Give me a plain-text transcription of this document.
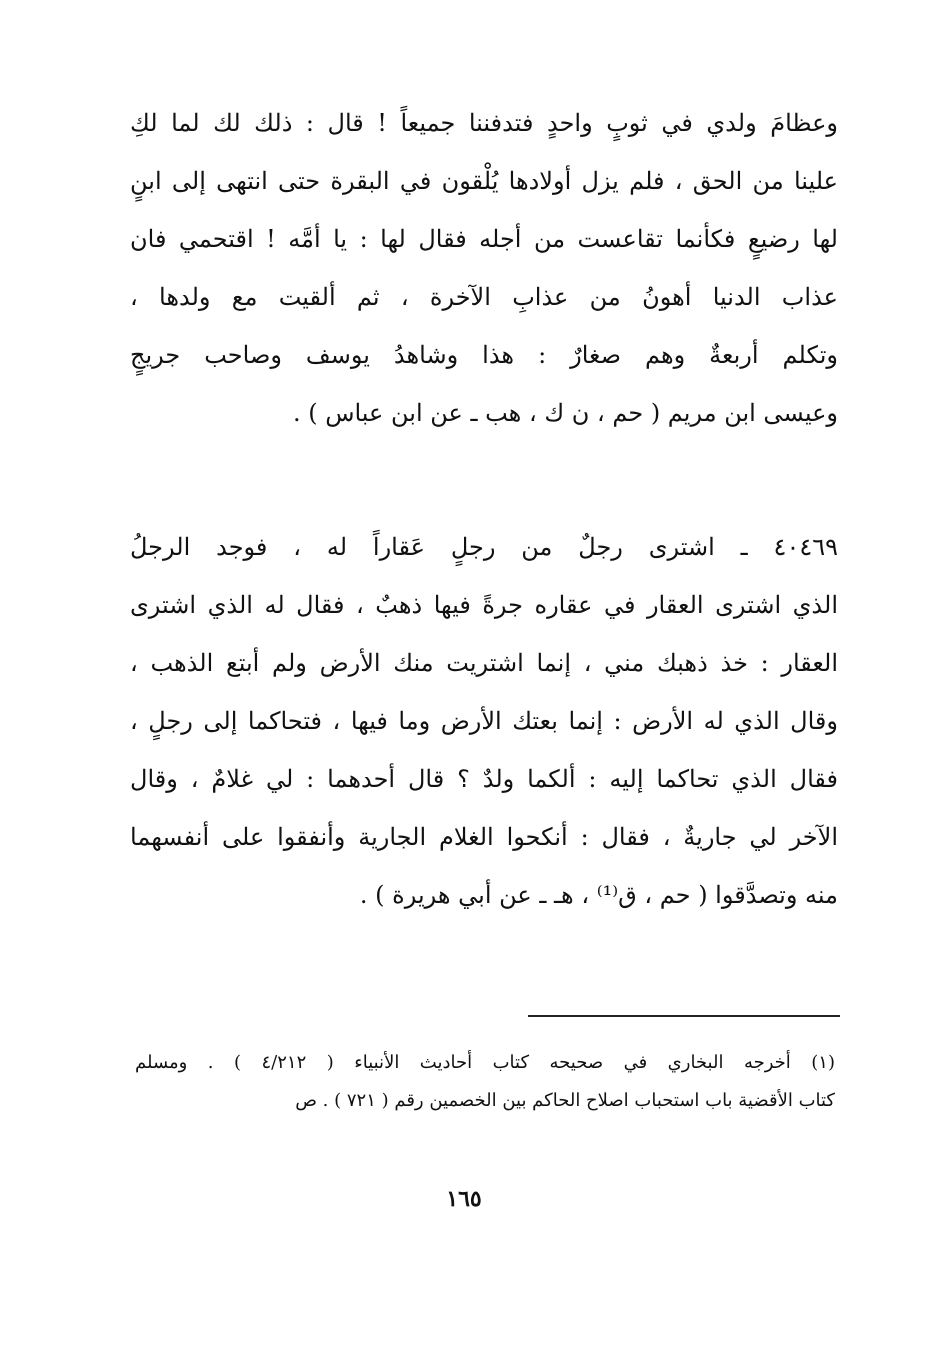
وعظامَ ولدي في ثوبٍ واحدٍ فتدفننا جميعاً ! قال : ذلك لك لما لكِ
علينا من الحق ، فلم يزل أولادها يُلْقون في البقرة حتى انتهى إلى ابنٍ
لها رضيعٍ فكأنما تقاعست من أجله فقال لها : يا أمَّه ! اقتحمي فان
عذاب الدنيا أهونُ من عذابِ الآخرة ، ثم ألقيت مع ولدها ،
وتكلم أربعةٌ وهم صغارٌ : هذا وشاهدُ يوسف وصاحب جريجٍ
وعيسى ابن مريم ( حم ، ن ك ، هب ـ عن ابن عباس ) .
٤٠٤٦٩ ـ اشترى رجلٌ من رجلٍ عَقاراً له ، فوجد الرجلُ
الذي اشترى العقار في عقاره جرةً فيها ذهبٌ ، فقال له الذي اشترى
العقار : خذ ذهبك مني ، إنما اشتريت منك الأرض ولم أبتع الذهب ،
وقال الذي له الأرض : إنما بعتك الأرض وما فيها ، فتحاكما إلى رجلٍ ،
فقال الذي تحاكما إليه : ألكما ولدٌ ؟ قال أحدهما : لي غلامٌ ، وقال
الآخر لي جاريةٌ ، فقال : أنكحوا الغلام الجارية وأنفقوا على أنفسهما
منه وتصدَّقوا ( حم ، ق⁽¹⁾ ، هـ ـ عن أبي هريرة ) .
(١) أخرجه البخاري في صحيحه كتاب أحاديث الأنبياء ( ٤/٢١٢ ) . ومسلم
كتاب الأقضية باب استحباب اصلاح الحاكم بين الخصمين رقم ( ٧٢١ ) . ص
١٦٥
